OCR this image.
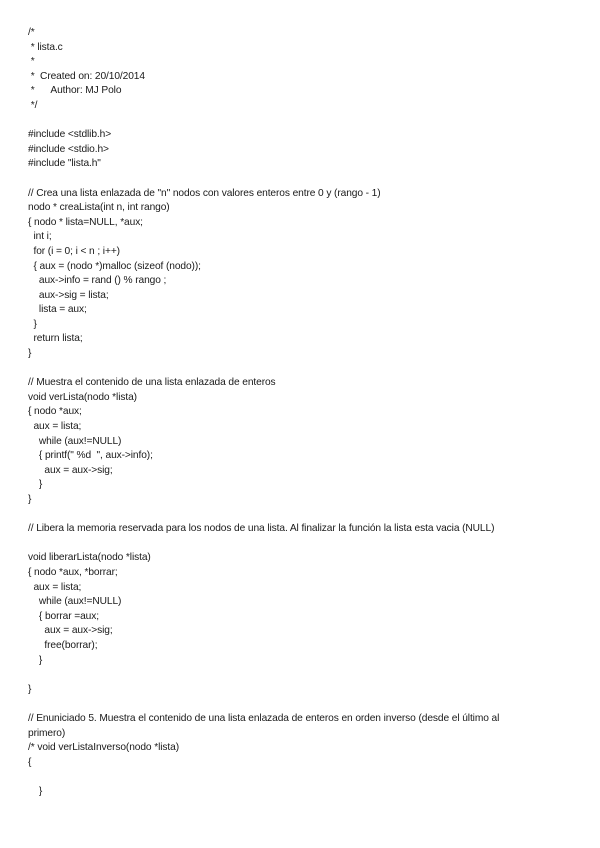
/*
* lista.c
*
*  Created on: 20/10/2014
*      Author: MJ Polo
*/
#include <stdlib.h>
#include <stdio.h>
#include "lista.h"
// Crea una lista enlazada de "n" nodos con valores enteros entre 0 y (rango - 1)
nodo * creaLista(int n, int rango)
{ nodo * lista=NULL, *aux;
int i;
for (i = 0; i < n ; i++)
{ aux = (nodo *)malloc (sizeof (nodo));
aux->info = rand () % rango ;
aux->sig = lista;
lista = aux;
}
return lista;
}
// Muestra el contenido de una lista enlazada de enteros
void verLista(nodo *lista)
{ nodo *aux;
aux = lista;
while (aux!=NULL)
{ printf(" %d  ", aux->info);
aux = aux->sig;
}
}
// Libera la memoria reservada para los nodos de una lista. Al finalizar la función la lista esta vacia (NULL)
void liberarLista(nodo *lista)
{ nodo *aux, *borrar;
aux = lista;
while (aux!=NULL)
{ borrar =aux;
aux = aux->sig;
free(borrar);
}
}
// Enuniciado 5. Muestra el contenido de una lista enlazada de enteros en orden inverso (desde el último al
primero)
/* void verListaInverso(nodo *lista)
{
}
